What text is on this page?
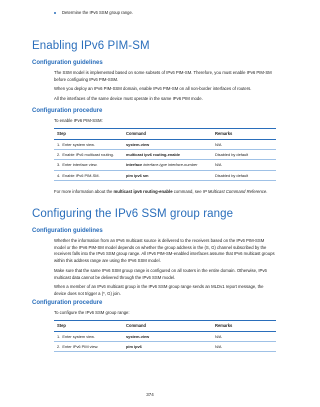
Determine the IPv6 SSM group range.
Enabling IPv6 PIM-SM
Configuration guidelines

The SSM model is implemented based on some subsets of IPv6 PIM-SM. Therefore, you must enable IPv6 PIM-SM before configuring IPv6 PIM-SSM.

When you deploy an IPv6 PIM-SSM domain, enable IPv6 PIM-SM on all non-border interfaces of routers.

All the interfaces of the same device must operate in the same IPv6 PIM mode.

Configuration procedure

To enable IPv6 PIM-SSM:

Step	Command	Remarks
1. Enter system view.	system-view	N/A
2. Enable IPv6 multicast routing.	multicast ipv6 routing-enable	Disabled by default
3. Enter interface view.	interface interface-type interface-number	N/A
4. Enable IPv6 PIM-SM.	pim ipv6 sm	Disabled by default

For more information about the multicast ipv6 routing-enable command, see IP Multicast Command Reference.

Configuring the IPv6 SSM group range
Configuration guidelines

Whether the information from an IPv6 multicast source is delivered to the receivers based on the IPv6 PIM-SSM model or the IPv6 PIM-SM model depends on whether the group address in the (S, G) channel subscribed by the receivers falls into the IPv6 SSM group range. All IPv6 PIM-SM-enabled interfaces assume that IPv6 multicast groups within this address range are using the IPv6 SSM model.

Make sure that the same IPv6 SSM group range is configured on all routers in the entire domain. Otherwise, IPv6 multicast data cannot be delivered through the IPv6 SSM model.

When a member of an IPv6 multicast group in the IPv6 SSM group range sends an MLDv1 report message, the device does not trigger a (*, G) join.

Configuration procedure

To configure the IPv6 SSM group range:

Step	Command	Remarks
1. Enter system view.	system-view	N/A
2. Enter IPv6 PIM view.	pim ipv6	N/A
374
